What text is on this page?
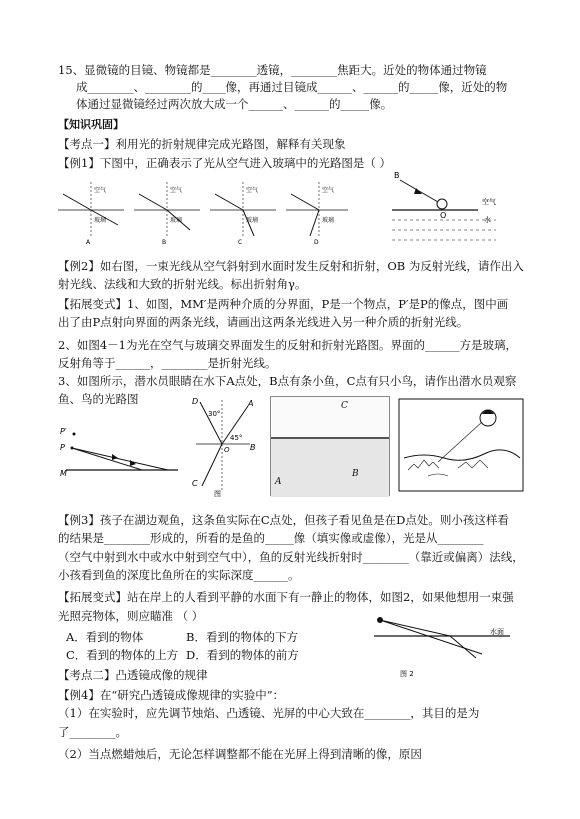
15、显微镜的目镜、物镜都是________透镜，________焦距大。近处的物体通过物镜
成________、________的____像，再通过目镜成______、______的_____像，近处的物
体通过显微镜经过两次放大成一个______、______的_____像。
【知识巩固】
【考点一】利用光的折射规律完成光路图，解释有关现象
【例1】下图中，正确表示了光从空气进入玻璃中的光路图是（ ）
空气
玻璃
A
空气
玻璃
B
空气
玻璃
C
空气
玻璃
D
B
O
空气
水
【例2】如右图，一束光线从空气斜射到水面时发生反射和折射，OB 为反射光线，请作出入
射光线、法线和大致的折射光线。标出折射角γ。
【拓展变式】1、如图，MM′是两种介质的分界面，P是一个物点，P′是P的像点，图中画
出了由P点射向界面的两条光线，请画出这两条光线进入另一种介质的折射光线。
2、如图4－1为光在空气与玻璃交界面发生的反射和折射光路图。界面的______方是玻璃，
反射角等于______，________是折射光线。
3、如图所示，潜水员眼睛在水下A点处，B点有条小鱼，C点有只小鸟，请作出潜水员观察
鱼、鸟的光路图
P′
P
M
D	A
B
C
O
30°
45°
图
C
B
A
【例3】孩子在湖边观鱼，这条鱼实际在C点处，但孩子看见鱼是在D点处。则小孩这样看
的结果是________形成的，所看的是鱼的_____像（填实像或虚像），光是从________
（空气中射到水中或水中射到空气中），鱼的反射光线折射时________（靠近或偏离）法线，
小孩看到鱼的深度比鱼所在的实际深度______。
【拓展变式】站在岸上的人看到平静的水面下有一静止的物体，如图2，如果他想用一束强
光照亮物体，则应瞄准 （ ）
A．看到的物体	B．看到的物体的下方
C．看到的物体的上方 D．看到的物体的前方
水面
图 2
【考点二】凸透镜成像的规律
【例4】在“研究凸透镜成像规律的实验中”：
（1）在实验时，应先调节烛焰、凸透镜、光屏的中心大致在________，其目的是为
了________。
（2）当点燃蜡烛后，无论怎样调整都不能在光屏上得到清晰的像，原因
